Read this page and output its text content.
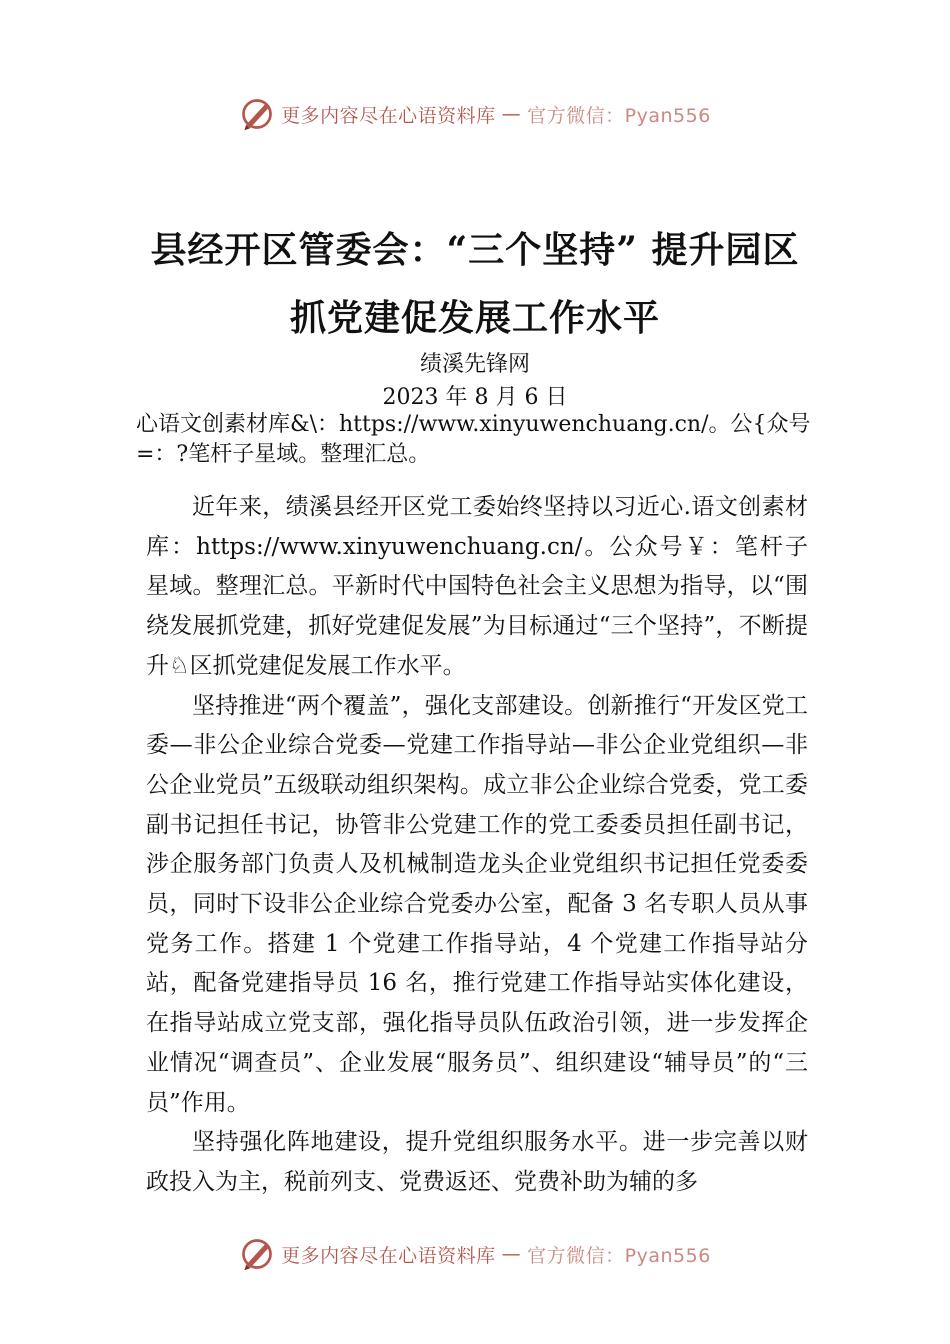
更多内容尽在心语资料库 — 官方微信：Pyan556
县经开区管委会：“三个坚持” 提升园区
抓党建促发展工作水平
绩溪先锋网
2023 年 8 月 6 日
心语文创素材库&\：https://www.xinyuwenchuang.cn/。公{众号=：?笔杆子星域。整理汇总。

近年来，绩溪县经开区党工委始终坚持以习近心.语文创素材库：https://www.xinyuwenchuang.cn/。公众号￥：笔杆子星域。整理汇总。平新时代中国特色社会主义思想为指导，以“围绕发展抓党建，抓好党建促发展”为目标通过“三个坚持”，不断提升♘区抓党建促发展工作水平。

坚持推进“两个覆盖”，强化支部建设。创新推行“开发区党工委—非公企业综合党委—党建工作指导站—非公企业党组织—非公企业党员”五级联动组织架构。成立非公企业综合党委，党工委副书记担任书记，协管非公党建工作的党工委委员担任副书记，涉企服务部门负责人及机械制造龙头企业党组织书记担任党委委员，同时下设非公企业综合党委办公室，配备 3 名专职人员从事党务工作。搭建 1 个党建工作指导站，4 个党建工作指导站分站，配备党建指导员 16 名，推行党建工作指导站实体化建设，在指导站成立党支部，强化指导员队伍政治引领，进一步发挥企业情况“调查员”、企业发展“服务员”、组织建设“辅导员”的“三员”作用。

坚持强化阵地建设，提升党组织服务水平。进一步完善以财政投入为主，税前列支、党费返还、党费补助为辅的多

更多内容尽在心语资料库 — 官方微信：Pyan556
